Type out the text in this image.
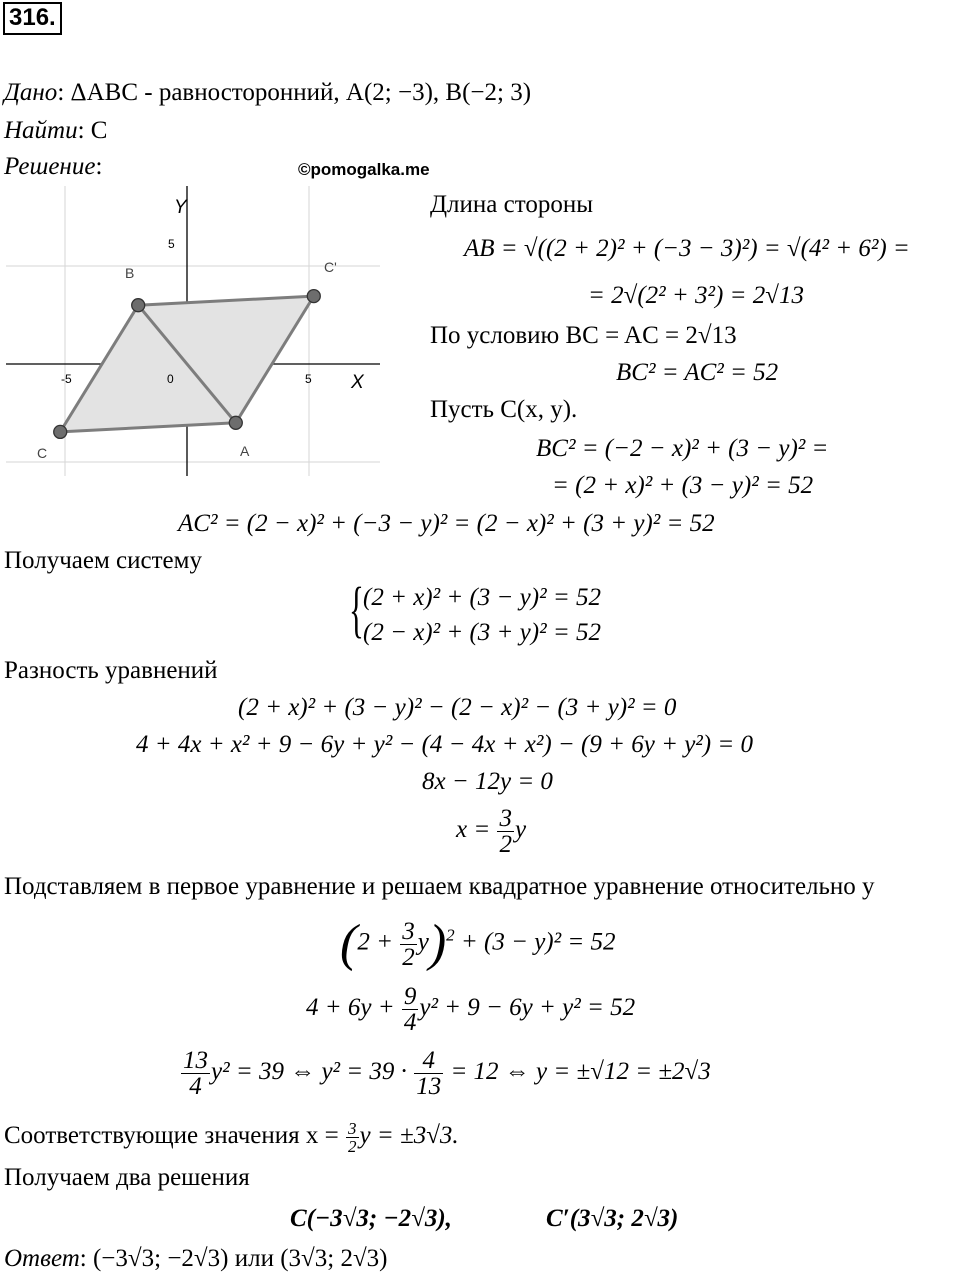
316.
Дано: ΔABC - равносторонний, A(2; −3), B(−2; 3)
Найти: C
Решение:	©pomogalka.me
Y
X
5
-5	0	5
B	C'
C	A
Длина стороны
AB = √((2 + 2)² + (−3 − 3)²) = √(4² + 6²) =
= 2√(2² + 3²) = 2√13
По условию BC = AC = 2√13
BC² = AC² = 52
Пусть C(x, y).
BC² = (−2 − x)² + (3 − y)² =
= (2 + x)² + (3 − y)² = 52
AC² = (2 − x)² + (−3 − y)² = (2 − x)² + (3 + y)² = 52
Получаем систему
{ (2 + x)² + (3 − y)² = 52
(2 − x)² + (3 + y)² = 52
Разность уравнений
(2 + x)² + (3 − y)² − (2 − x)² − (3 + y)² = 0
4 + 4x + x² + 9 − 6y + y² − (4 − 4x + x²) − (9 + 6y + y²) = 0
8x − 12y = 0
$x = \frac{3}{2}$ y
Подставляем в первое уравнение и решаем квадратное уравнение относительно y
$(2 + \frac{3}{2} y)^2 + (3 - y)^2 = 52$
$4 + 6y + \frac{9}{4} y^2 + 9 - 6y + y^2 = 52$
$\frac{13}{4} y^2 = 39$ ⇔ $y^2 = 39 \cdot \frac{4}{13} = 12$ ⇔ y = ±√12 = ±2√3
Соответствующие значения $x = \frac{3}{2}$ y = ±3√3.
Получаем два решения
C(−3√3; −2√3),	C′(3√3; 2√3)
Ответ: (−3√3; −2√3) или (3√3; 2√3)
